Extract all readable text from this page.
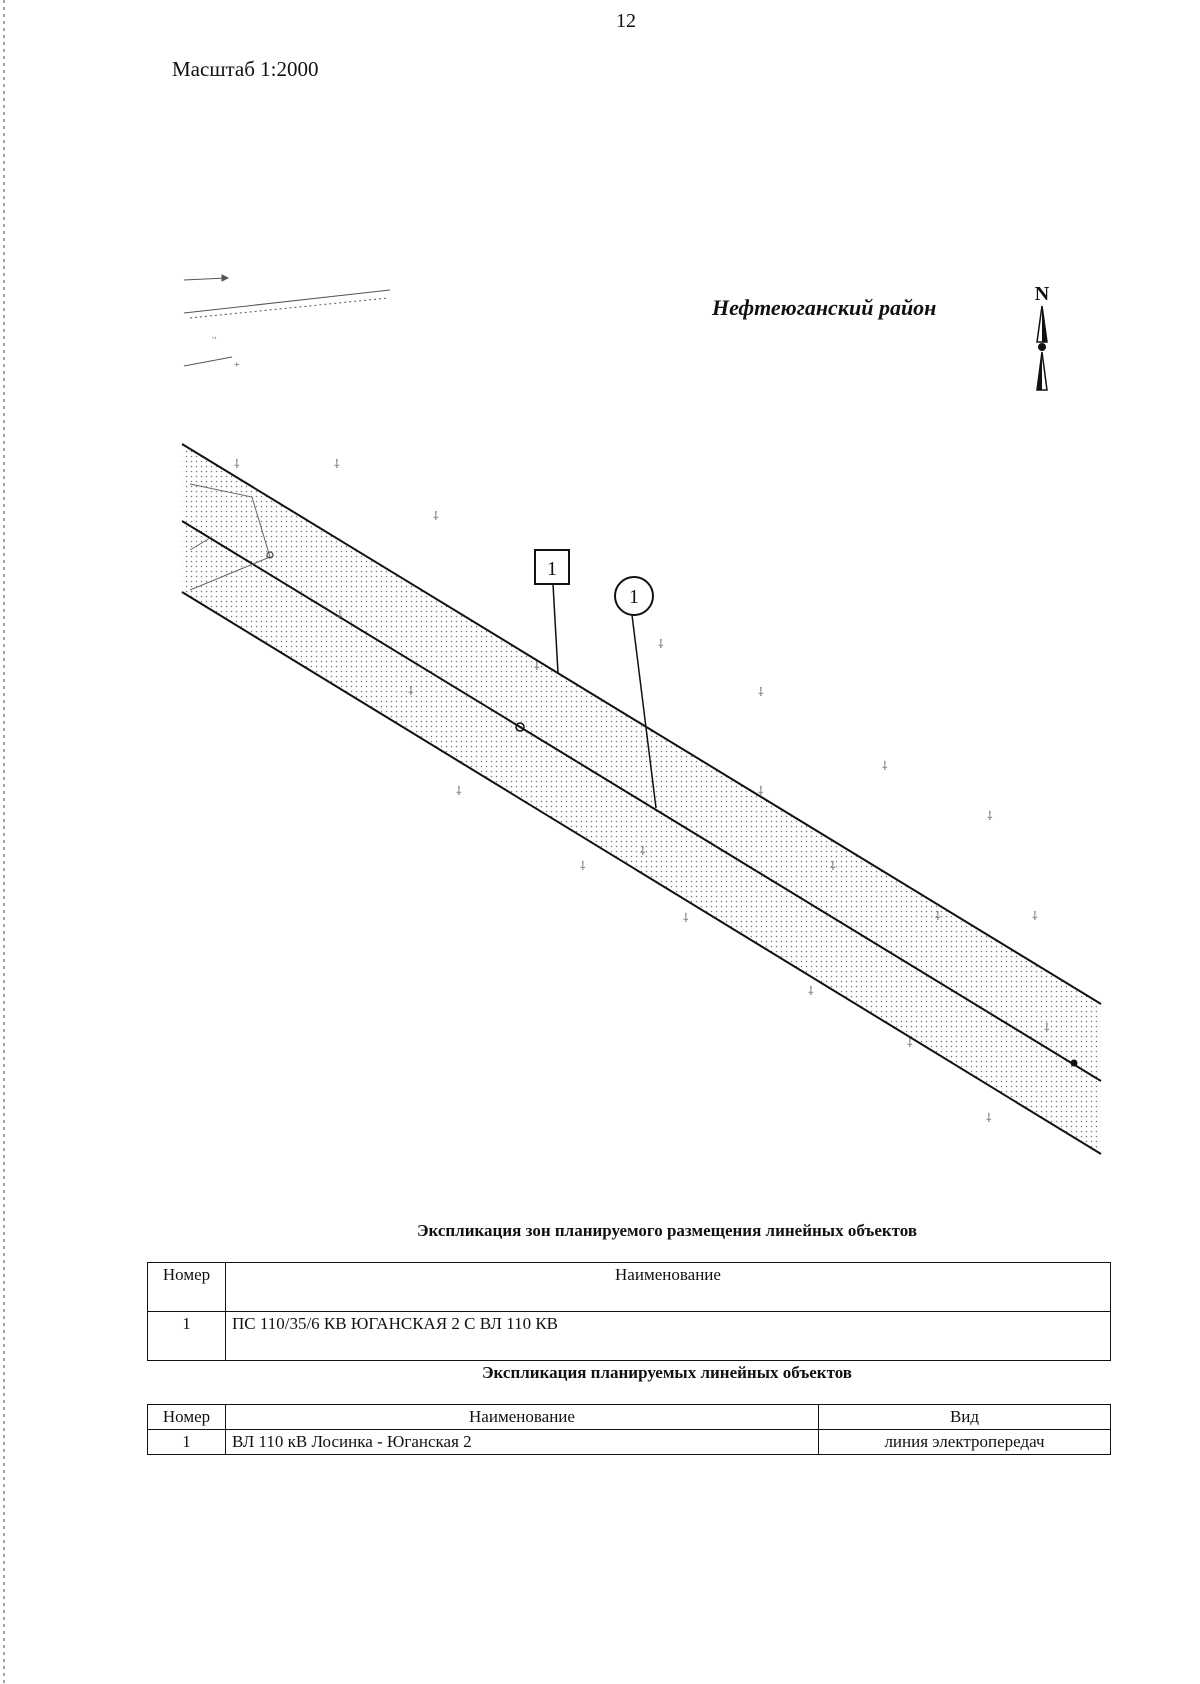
12
Масштаб 1:2000
Нефтеюганский район
N
+
ᴗ
⸸	⸸
⸸
⸸
⸸
⸸
⸸
⸸
⸸
⸸
⸸
⸸
⸸
⸸
⸸
⸸
⸸	⸸
⸸
⸸
⸸
⸸
1
1
Экспликация зон планируемого размещения линейных объектов
Номер	Наименование
1	ПС 110/35/6 КВ ЮГАНСКАЯ 2 С ВЛ 110 КВ
Экспликация планируемых линейных объектов
Номер	Наименование	Вид
1	ВЛ 110 кВ Лосинка - Юганская 2	линия электропередач
